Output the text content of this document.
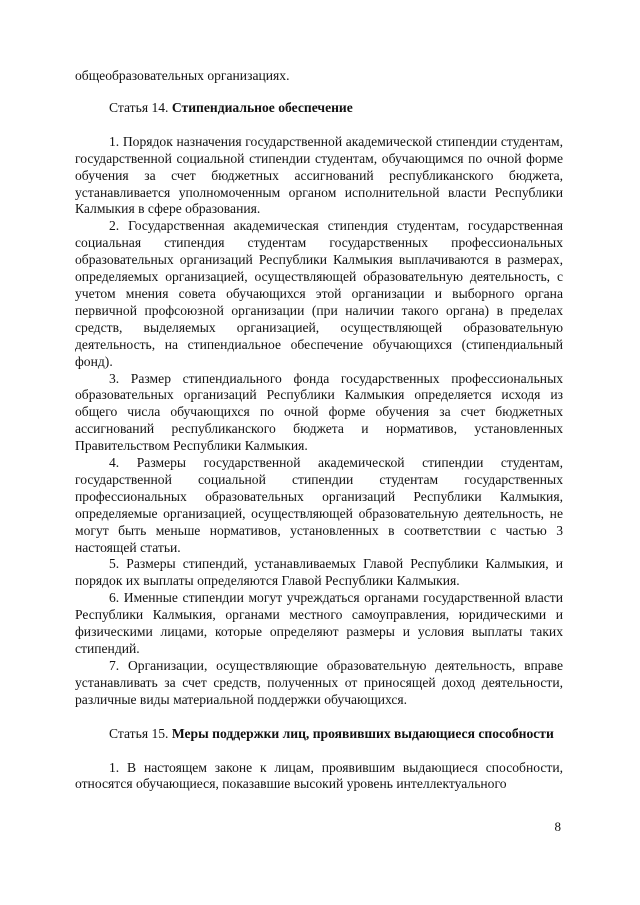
общеобразовательных организациях.

Статья 14. Стипендиальное обеспечение

1. Порядок назначения государственной академической стипендии студентам, государственной социальной стипендии студентам, обучающимся по очной форме обучения за счет бюджетных ассигнований республиканского бюджета, устанавливается уполномоченным органом исполнительной власти Республики Калмыкия в сфере образования.

2. Государственная академическая стипендия студентам, государственная социальная стипендия студентам государственных профессиональных образовательных организаций Республики Калмыкия выплачиваются в размерах, определяемых организацией, осуществляющей образовательную деятельность, с учетом мнения совета обучающихся этой организации и выборного органа первичной профсоюзной организации (при наличии такого органа) в пределах средств, выделяемых организацией, осуществляющей образовательную деятельность, на стипендиальное обеспечение обучающихся (стипендиальный фонд).

3. Размер стипендиального фонда государственных профессиональных образовательных организаций Республики Калмыкия определяется исходя из общего числа обучающихся по очной форме обучения за счет бюджетных ассигнований республиканского бюджета и нормативов, установленных Правительством Республики Калмыкия.

4. Размеры государственной академической стипендии студентам, государственной социальной стипендии студентам государственных профессиональных образовательных организаций Республики Калмыкия, определяемые организацией, осуществляющей образовательную деятельность, не могут быть меньше нормативов, установленных в соответствии с частью 3 настоящей статьи.

5. Размеры стипендий, устанавливаемых Главой Республики Калмыкия, и порядок их выплаты определяются Главой Республики Калмыкия.

6. Именные стипендии могут учреждаться органами государственной власти Республики Калмыкия, органами местного самоуправления, юридическими и физическими лицами, которые определяют размеры и условия выплаты таких стипендий.

7. Организации, осуществляющие образовательную деятельность, вправе устанавливать за счет средств, полученных от приносящей доход деятельности, различные виды материальной поддержки обучающихся.

Статья 15. Меры поддержки лиц, проявивших выдающиеся способности

1. В настоящем законе к лицам, проявившим выдающиеся способности, относятся обучающиеся, показавшие высокий уровень интеллектуального

8
